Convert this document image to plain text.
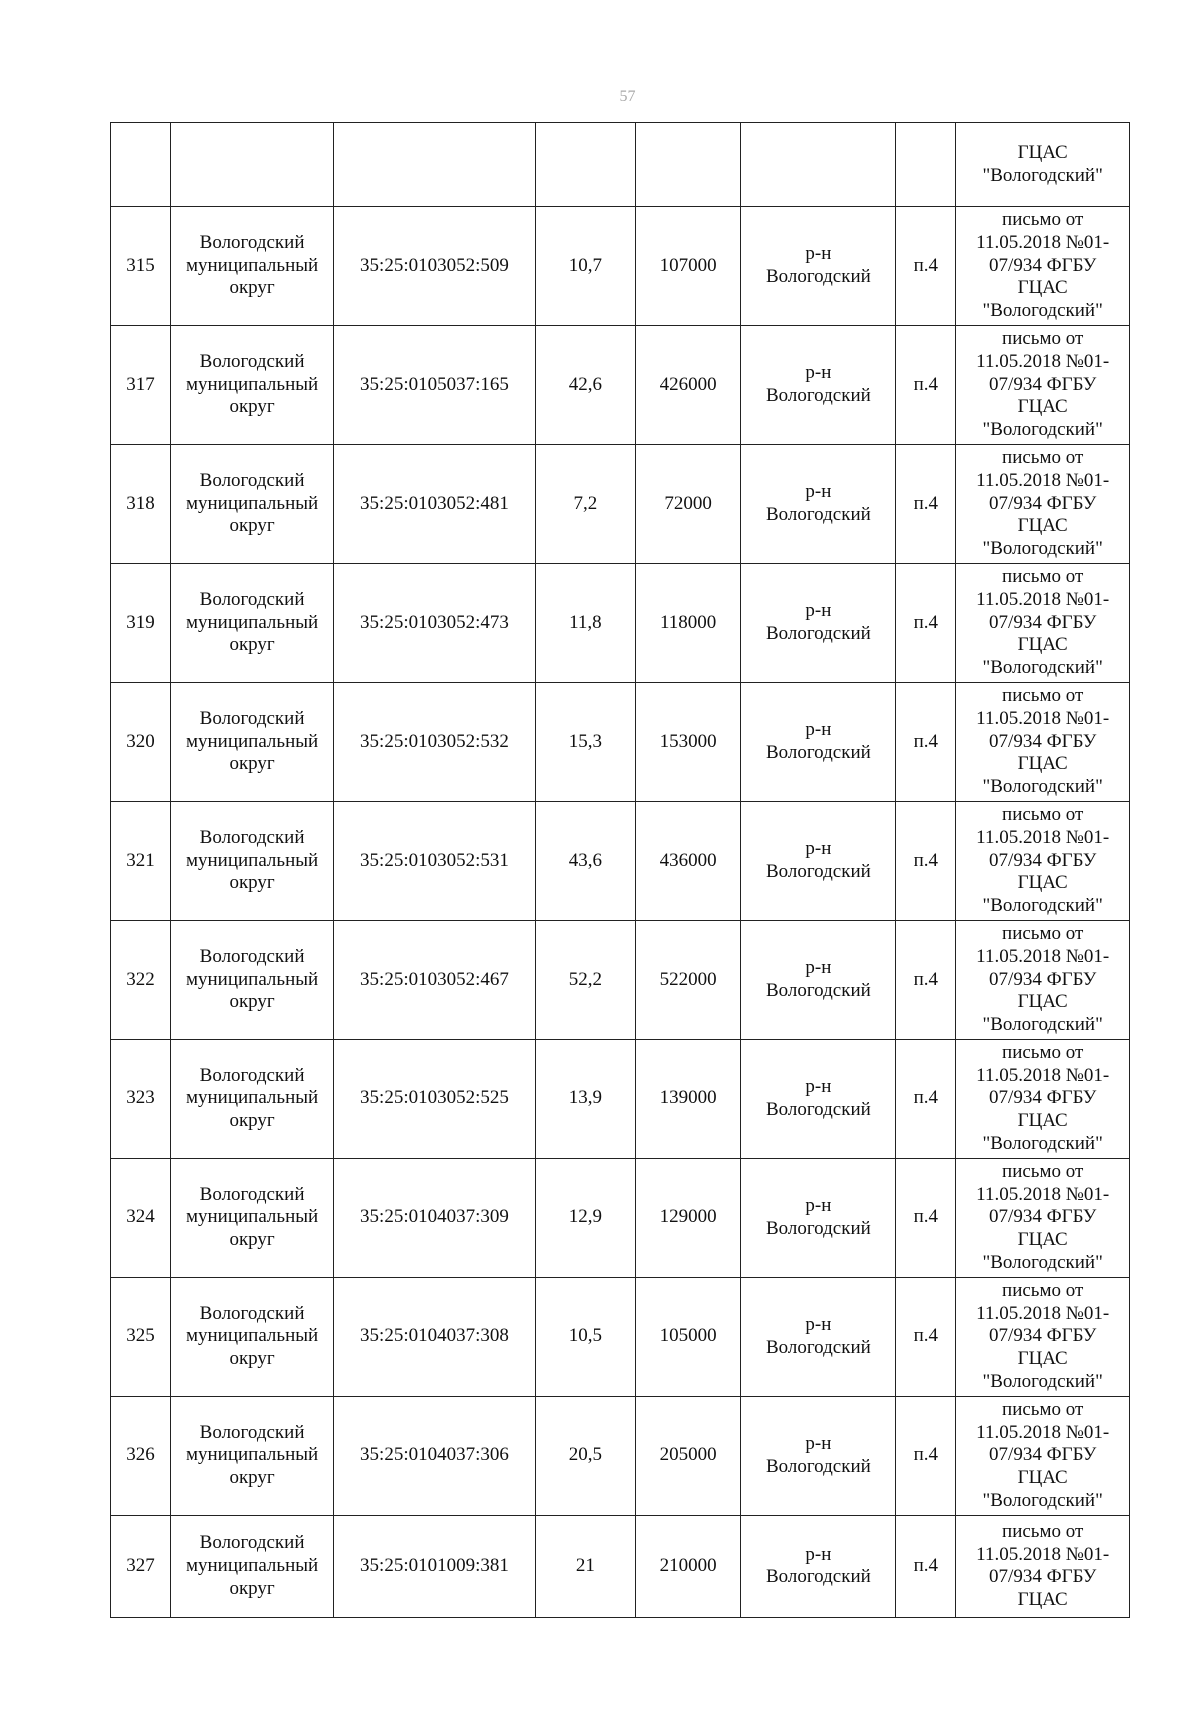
57

							ГЦАС
"Вологодский"

315	Вологодский
муниципальный
округ	35:25:0103052:509	10,7	107000	р-н
Вологодский	п.4	письмо от
11.05.2018 №01-
07/934 ФГБУ
ГЦАС
"Вологодский"

317	Вологодский
муниципальный
округ	35:25:0105037:165	42,6	426000	р-н
Вологодский	п.4	письмо от
11.05.2018 №01-
07/934 ФГБУ
ГЦАС
"Вологодский"

318	Вологодский
муниципальный
округ	35:25:0103052:481	7,2	72000	р-н
Вологодский	п.4	письмо от
11.05.2018 №01-
07/934 ФГБУ
ГЦАС
"Вологодский"

319	Вологодский
муниципальный
округ	35:25:0103052:473	11,8	118000	р-н
Вологодский	п.4	письмо от
11.05.2018 №01-
07/934 ФГБУ
ГЦАС
"Вологодский"

320	Вологодский
муниципальный
округ	35:25:0103052:532	15,3	153000	р-н
Вологодский	п.4	письмо от
11.05.2018 №01-
07/934 ФГБУ
ГЦАС
"Вологодский"

321	Вологодский
муниципальный
округ	35:25:0103052:531	43,6	436000	р-н
Вологодский	п.4	письмо от
11.05.2018 №01-
07/934 ФГБУ
ГЦАС
"Вологодский"

322	Вологодский
муниципальный
округ	35:25:0103052:467	52,2	522000	р-н
Вологодский	п.4	письмо от
11.05.2018 №01-
07/934 ФГБУ
ГЦАС
"Вологодский"

323	Вологодский
муниципальный
округ	35:25:0103052:525	13,9	139000	р-н
Вологодский	п.4	письмо от
11.05.2018 №01-
07/934 ФГБУ
ГЦАС
"Вологодский"

324	Вологодский
муниципальный
округ	35:25:0104037:309	12,9	129000	р-н
Вологодский	п.4	письмо от
11.05.2018 №01-
07/934 ФГБУ
ГЦАС
"Вологодский"

325	Вологодский
муниципальный
округ	35:25:0104037:308	10,5	105000	р-н
Вологодский	п.4	письмо от
11.05.2018 №01-
07/934 ФГБУ
ГЦАС
"Вологодский"

326	Вологодский
муниципальный
округ	35:25:0104037:306	20,5	205000	р-н
Вологодский	п.4	письмо от
11.05.2018 №01-
07/934 ФГБУ
ГЦАС
"Вологодский"

327	Вологодский
муниципальный
округ	35:25:0101009:381	21	210000	р-н
Вологодский	п.4	письмо от
11.05.2018 №01-
07/934 ФГБУ
ГЦАС
